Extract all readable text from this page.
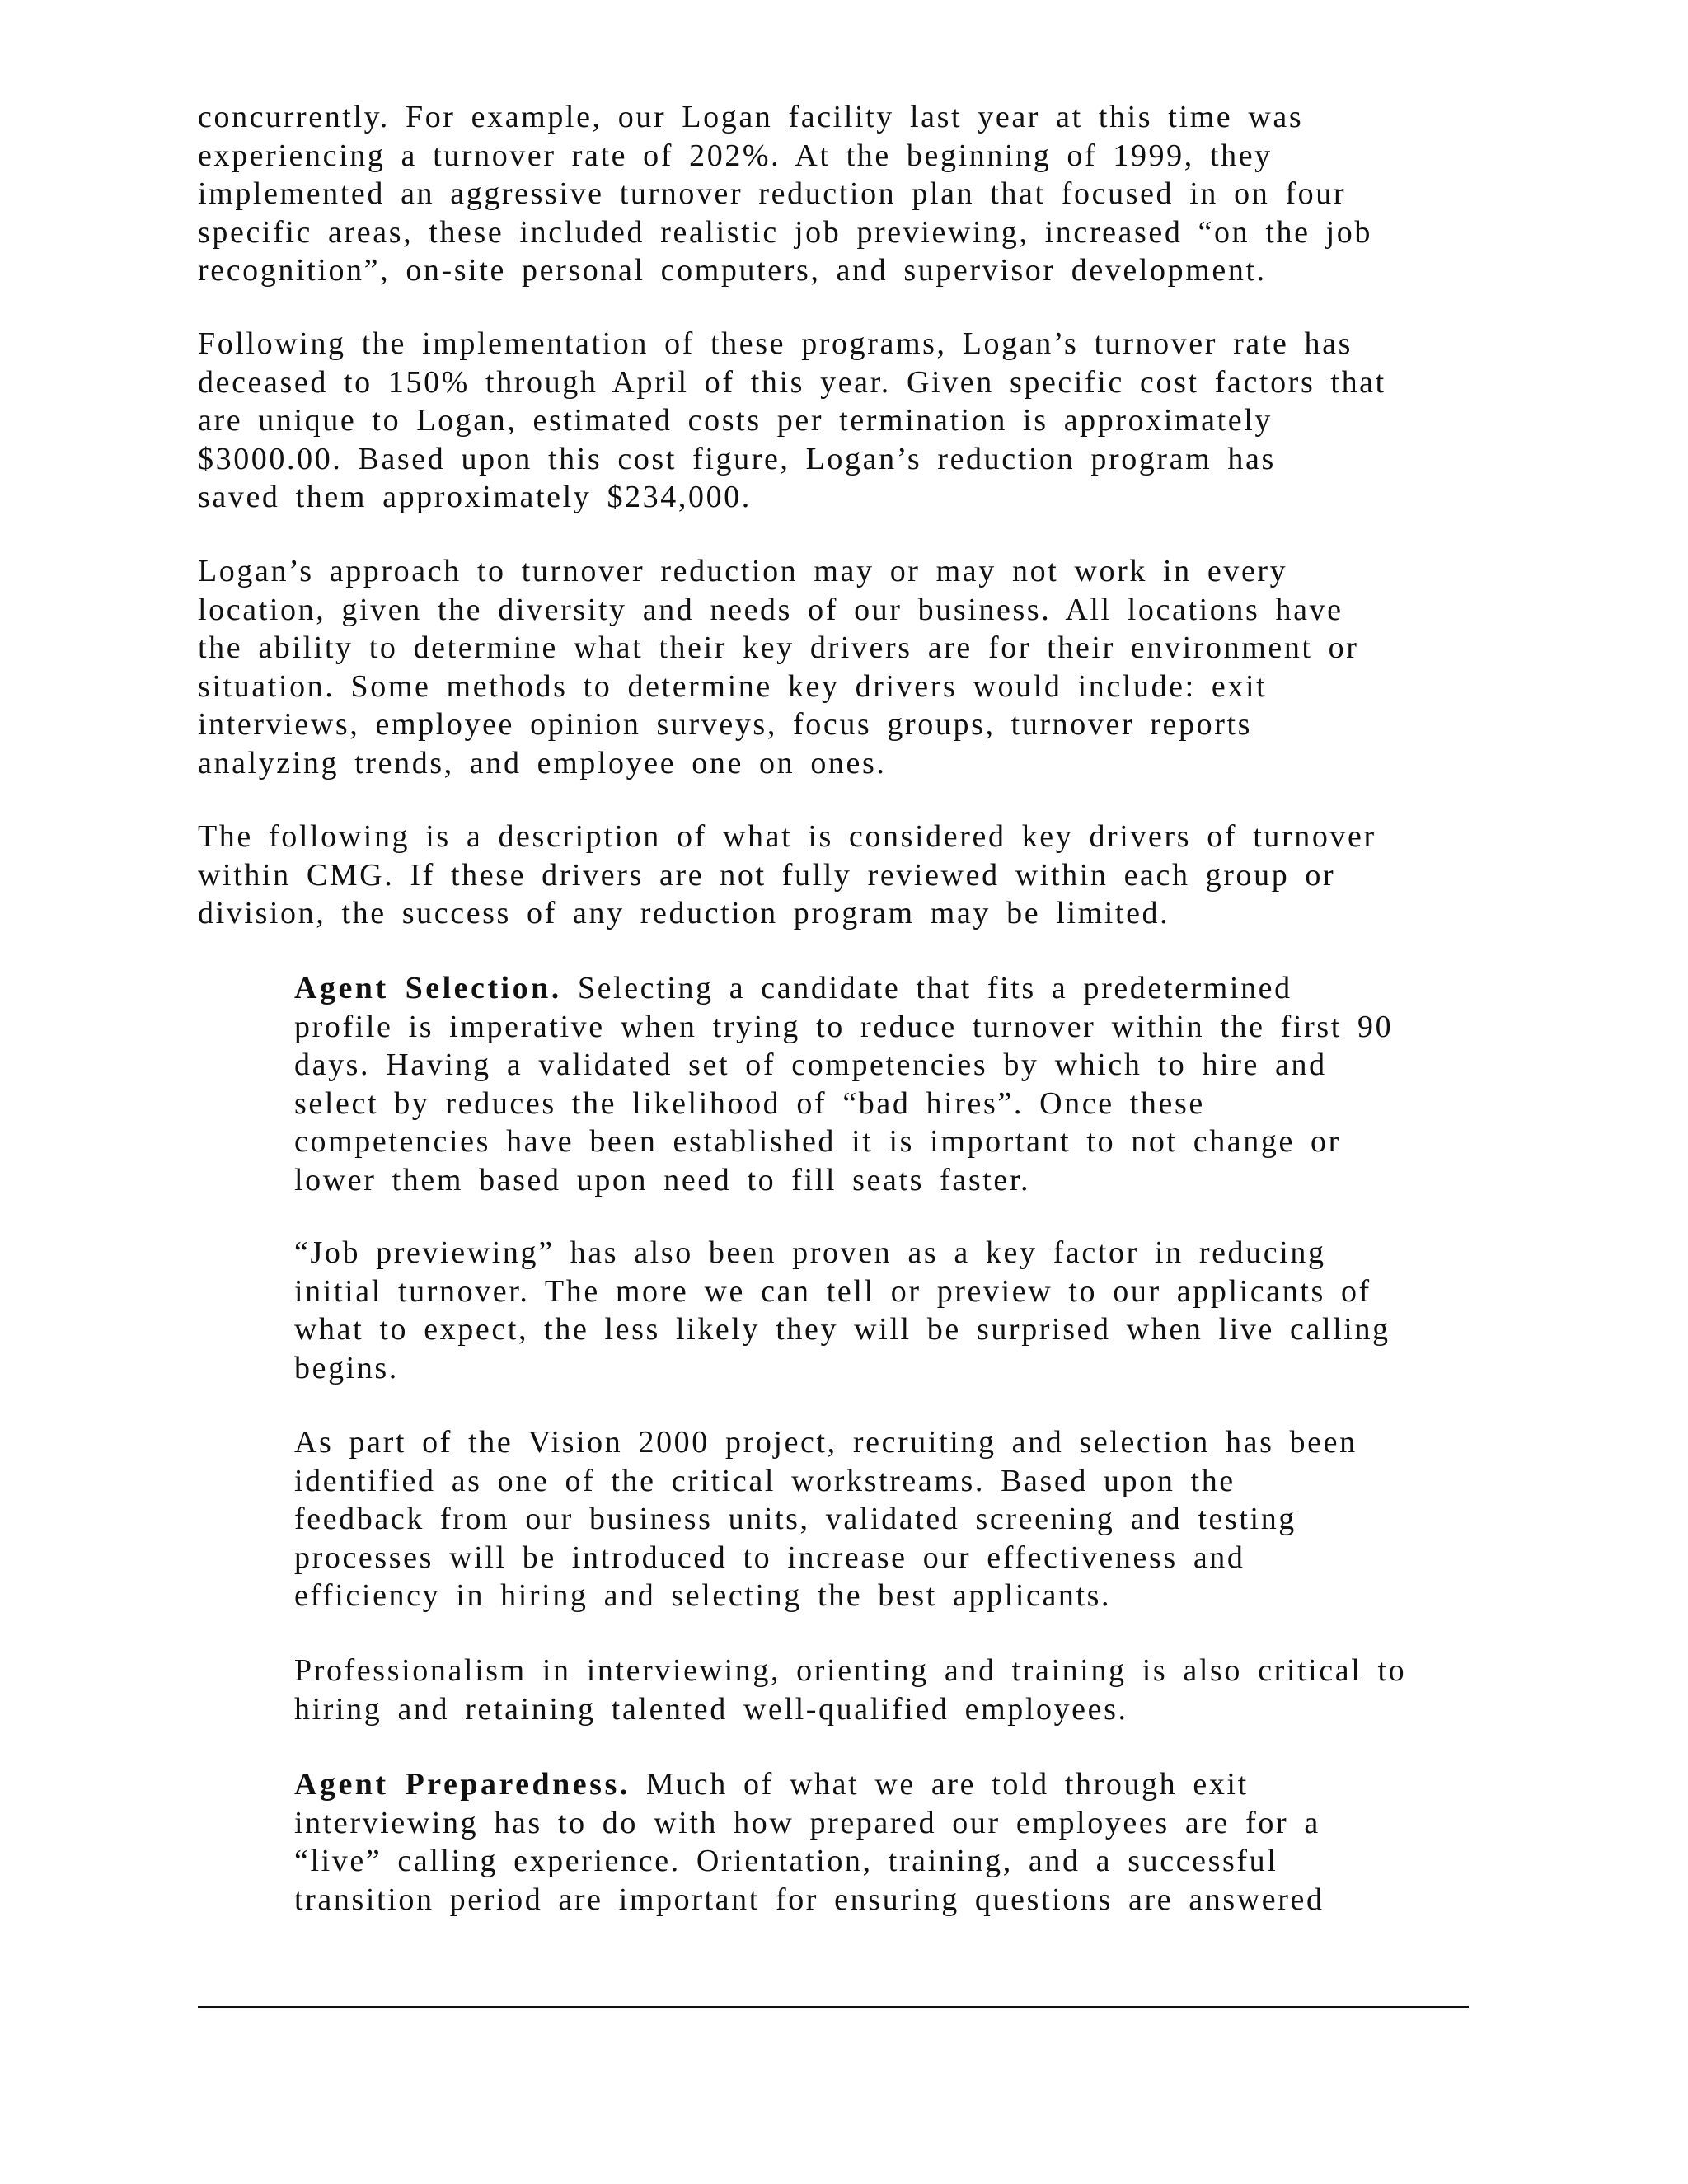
concurrently. For example, our Logan facility last year at this time was
experiencing a turnover rate of 202%. At the beginning of 1999, they
implemented an aggressive turnover reduction plan that focused in on four
specific areas, these included realistic job previewing, increased “on the job
recognition”, on-site personal computers, and supervisor development.

Following the implementation of these programs, Logan’s turnover rate has
deceased to 150% through April of this year. Given specific cost factors that
are unique to Logan, estimated costs per termination is approximately
$3000.00. Based upon this cost figure, Logan’s reduction program has
saved them approximately $234,000.

Logan’s approach to turnover reduction may or may not work in every
location, given the diversity and needs of our business. All locations have
the ability to determine what their key drivers are for their environment or
situation. Some methods to determine key drivers would include: exit
interviews, employee opinion surveys, focus groups, turnover reports
analyzing trends, and employee one on ones.

The following is a description of what is considered key drivers of turnover
within CMG. If these drivers are not fully reviewed within each group or
division, the success of any reduction program may be limited.

Agent Selection. Selecting a candidate that fits a predetermined
profile is imperative when trying to reduce turnover within the first 90
days. Having a validated set of competencies by which to hire and
select by reduces the likelihood of “bad hires”. Once these
competencies have been established it is important to not change or
lower them based upon need to fill seats faster.

“Job previewing” has also been proven as a key factor in reducing
initial turnover. The more we can tell or preview to our applicants of
what to expect, the less likely they will be surprised when live calling
begins.

As part of the Vision 2000 project, recruiting and selection has been
identified as one of the critical workstreams. Based upon the
feedback from our business units, validated screening and testing
processes will be introduced to increase our effectiveness and
efficiency in hiring and selecting the best applicants.

Professionalism in interviewing, orienting and training is also critical to
hiring and retaining talented well-qualified employees.

Agent Preparedness. Much of what we are told through exit
interviewing has to do with how prepared our employees are for a
“live” calling experience. Orientation, training, and a successful
transition period are important for ensuring questions are answered
